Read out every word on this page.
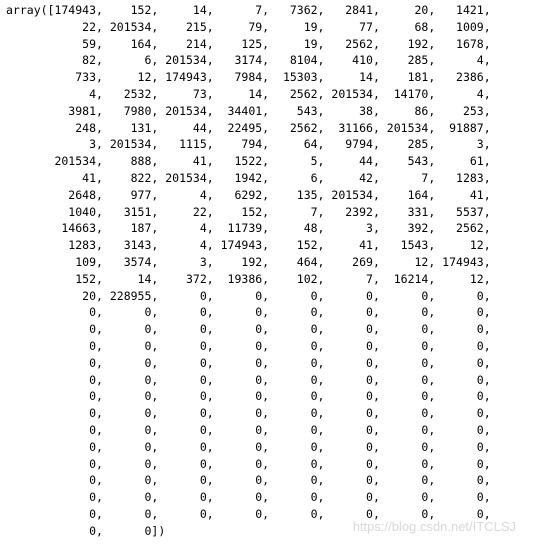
array([174943,    152,     14,      7,   7362,   2841,     20,   1421,
22, 201534,    215,     79,     19,     77,     68,   1009,
59,    164,    214,    125,     19,   2562,    192,   1678,
82,      6, 201534,   3174,   8104,    410,    285,      4,
733,     12, 174943,   7984,  15303,     14,    181,   2386,
4,   2532,     73,     14,   2562, 201534,  14170,      4,
3981,   7980, 201534,  34401,    543,     38,     86,    253,
248,    131,     44,  22495,   2562,  31166, 201534,  91887,
3, 201534,   1115,    794,     64,   9794,    285,      3,
201534,    888,     41,   1522,      5,     44,    543,     61,
41,    822, 201534,   1942,      6,     42,      7,   1283,
2648,    977,      4,   6292,    135, 201534,    164,     41,
1040,   3151,     22,    152,      7,   2392,    331,   5537,
14663,    187,      4,  11739,     48,      3,    392,   2562,
1283,   3143,      4, 174943,    152,     41,   1543,     12,
109,   3574,      3,    192,    464,    269,     12, 174943,
152,     14,    372,  19386,    102,      7,  16214,     12,
20, 228955,      0,      0,      0,      0,      0,      0,
0,      0,      0,      0,      0,      0,      0,      0,
0,      0,      0,      0,      0,      0,      0,      0,
0,      0,      0,      0,      0,      0,      0,      0,
0,      0,      0,      0,      0,      0,      0,      0,
0,      0,      0,      0,      0,      0,      0,      0,
0,      0,      0,      0,      0,      0,      0,      0,
0,      0,      0,      0,      0,      0,      0,      0,
0,      0,      0,      0,      0,      0,      0,      0,
0,      0,      0,      0,      0,      0,      0,      0,
0,      0,      0,      0,      0,      0,      0,      0,
0,      0,      0,      0,      0,      0,      0,      0,
0,      0,      0,      0,      0,      0,      0,      0,
0,      0,      0,      0,      0,      0,      0,      0,
0,      0])	https://blog.csdn.net/ITCLSJ
